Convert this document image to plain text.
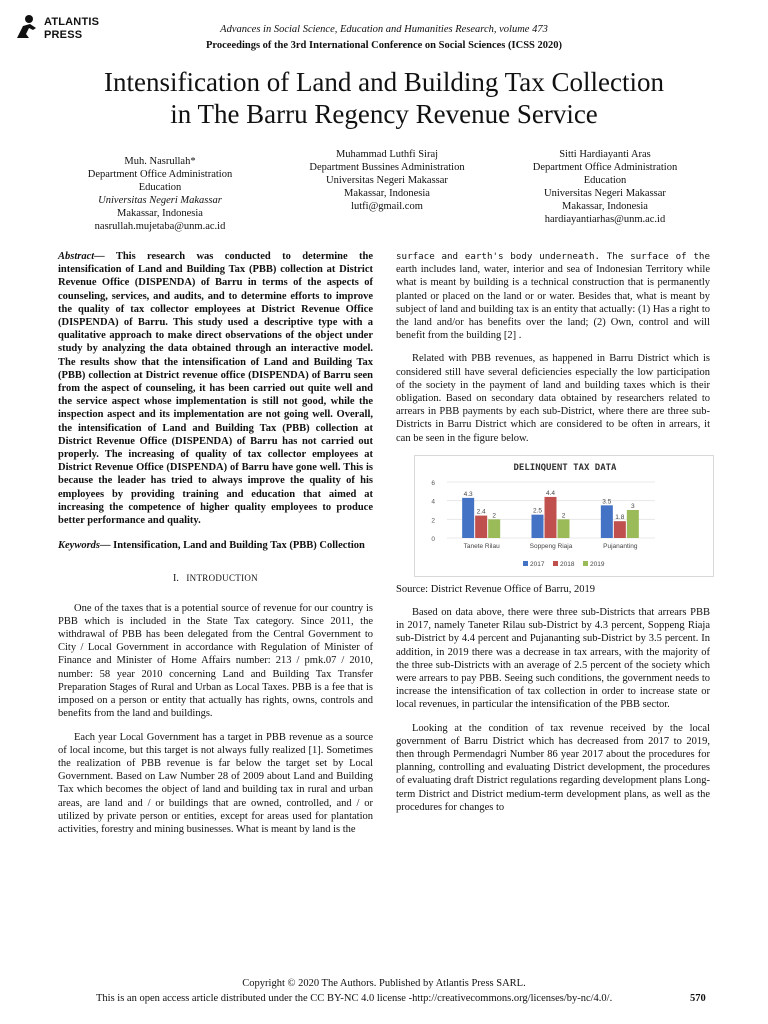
ATLANTIS
PRESS	Advances in Social Science, Education and Humanities Research, volume 473
Proceedings of the 3rd International Conference on Social Sciences (ICSS 2020)
Intensification of Land and Building Tax Collection
in The Barru Regency Revenue Service
Muh. Nasrullah*
Department Office Administration
Education
Universitas Negeri Makassar
Makassar, Indonesia
nasrullah.mujetaba@unm.ac.id
Muhammad Luthfi Siraj
Department Bussines Administration
Universitas Negeri Makassar
Makassar, Indonesia
lutfi@gmail.com
Sitti Hardiayanti Aras
Department Office Administration
Education
Universitas Negeri Makassar
Makassar, Indonesia
hardiayantiarhas@unm.ac.id
Abstract— This research was conducted to determine the intensification of Land and Building Tax (PBB) collection at District Revenue Office (DISPENDA) of Barru in terms of the aspects of counseling, services, and audits, and to determine efforts to improve the quality of tax collector employees at District Revenue Office (DISPENDA) of Barru. This study used a descriptive type with a qualitative approach to make direct observations of the object under study by analyzing the data obtained through an interactive model. The results show that the intensification of Land and Building Tax (PBB) collection at District revenue office (DISPENDA) of Barru seen from the aspect of counseling, it has been carried out quite well and the service aspect whose implementation is still not good, while the inspection aspect and its implementation are not going well. Overall, the intensification of Land and Building Tax (PBB) collection at District Revenue Office (DISPENDA) of Barru has not carried out properly. The increasing of quality of tax collector employees at District Revenue Office (DISPENDA) of Barru have gone well. This is because the leader has tried to always improve the quality of his employees by providing training and education that aimed at increasing the competence of higher quality employees to produce better performance and quality.
Keywords— Intensification, Land and Building Tax (PBB) Collection
I. INTRODUCTION

One of the taxes that is a potential source of revenue for our country is PBB which is included in the State Tax category. Since 2011, the withdrawal of PBB has been delegated from the Central Government to City / Local Government in accordance with Regulation of Minister of Finance and Minister of Home Affairs number: 213 / pmk.07 / 2010, number: 58 year 2010 concerning Land and Building Tax Transfer Preparation Stages of Rural and Urban as Local Taxes. PBB is a fee that is imposed on a person or entity that actually has rights, owns, controls and benefits from the land and buildings.

Each year Local Government has a target in PBB revenue as a source of local income, but this target is not always fully realized [1]. Sometimes the realization of PBB revenue is far below the target set by Local Government. Based on Law Number 28 of 2009 about Land and Building Tax which becomes the object of land and building tax in rural and urban areas, are land and / or buildings that are owned, controlled, and / or utilized by private person or entities, except for areas used for plantation activities, forestry and mining businesses. What is meant by land is the

surface and earth's body underneath. The surface of the earth includes land, water, interior and sea of Indonesian Territory while what is meant by building is a technical construction that is permanently planted or placed on the land or or water. Besides that, what is meant by subject of land and building tax is an entity that actually: (1) Has a right to the land and/or has benefits over the land; (2) Own, control and will benefit from the building [2] .

Related with PBB revenues, as happened in Barru District which is considered still have several deficiencies especially the low participation of the society in the payment of land and building taxes which is their obligation. Based on secondary data obtained by researchers related to arrears in PBB payments by each sub-District, where there are three sub-Districts in Barru District which are considered to be often in arrears, it can be seen in the figure below.

DELINQUENT TAX DATA
0
2
4
6
4.3
2.4
2
Tanete Rilau
2.5
4.4
2
Soppeng Riaja
3.5
1.8
3
Pujananting
2017 2018 2019
Source: District Revenue Office of Barru, 2019

Based on data above, there were three sub-Districts that arrears PBB in 2017, namely Taneter Rilau sub-District by 4.3 percent, Soppeng Riaja sub-District by 4.4 percent and Pujananting sub-District by 3.5 percent. In addition, in 2019 there was a decrease in tax arrears, with the majority of the three sub-Districts with an average of 2.5 percent of the society which were arrears to pay PBB. Seeing such conditions, the government needs to increase the intensification of tax collection in order to increase state or local revenues, in particular the intensification of the PBB sector.

Looking at the condition of tax revenue received by the local government of Barru District which has decreased from 2017 to 2019, then through Permendagri Number 86 year 2017 about the procedures for planning, controlling and evaluating District development, the procedures of evaluating draft District regulations regarding development plans Long-term District and District medium-term development plans, as well as the procedures for changes to

Copyright © 2020 The Authors. Published by Atlantis Press SARL.
This is an open access article distributed under the CC BY-NC 4.0 license -http://creativecommons.org/licenses/by-nc/4.0/.	570
